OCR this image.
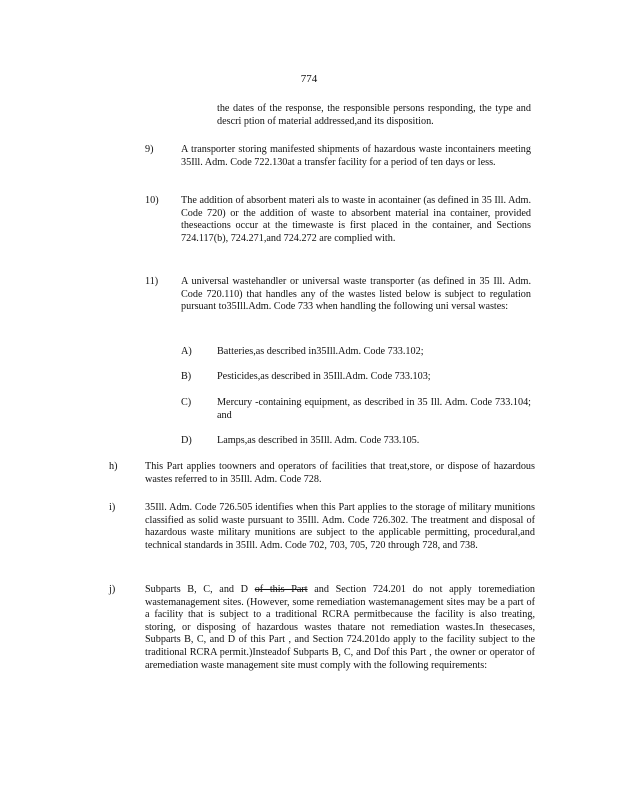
774
the dates of the response, the responsible persons responding, the type and descri ption of material addressed,and its disposition.
9)	A transporter storing manifested shipments of hazardous waste incontainers meeting 35Ill. Adm. Code 722.130at a transfer facility for a period of ten days or less.
10) The addition of absorbent materi als to waste in acontainer (as defined in 35 Ill. Adm. Code 720) or the addition of waste to absorbent material ina container, provided theseactions occur at the timewaste is first placed in the container, and Sections 724.117(b), 724.271,and 724.272 are complied with.
11) A universal wastehandler or universal waste transporter (as defined in 35 Ill. Adm. Code 720.110) that handles any of the wastes listed below is subject to regulation pursuant to35Ill.Adm. Code 733 when handling the following uni versal wastes:
A) Batteries,as described in35Ill.Adm. Code 733.102;
B)	Pesticides,as described in 35Ill.Adm. Code 733.103;
C)	Mercury -containing equipment, as described in 35 Ill. Adm. Code 733.104; and
D) Lamps,as described in 35Ill. Adm. Code 733.105.
h)	This Part applies toowners and operators of facilities that treat,store, or dispose of hazardous wastes referred to in 35Ill. Adm. Code 728.
i)	35Ill. Adm. Code 726.505 identifies when this Part applies to the storage of military munitions classified as solid waste pursuant to 35Ill. Adm. Code 726.302. The treatment and disposal of hazardous waste military munitions are subject to the applicable permitting, procedural,and technical standards in 35Ill. Adm. Code 702, 703, 705, 720 through 728, and 738.
j)	Subparts B, C, and D of this Part and Section 724.201 do not apply toremediation wastemanagement sites. (However, some remediation wastemanagement sites may be a part of a facility that is subject to a traditional RCRA permitbecause the facility is also treating, storing, or disposing of hazardous wastes thatare not remediation wastes.In thesecases, Subparts B, C, and D of this Part , and Section 724.201do apply to the facility subject to the traditional RCRA permit.)Insteadof Subparts B, C, and Dof this Part , the owner or operator of aremediation waste management site must comply with the following requirements:
